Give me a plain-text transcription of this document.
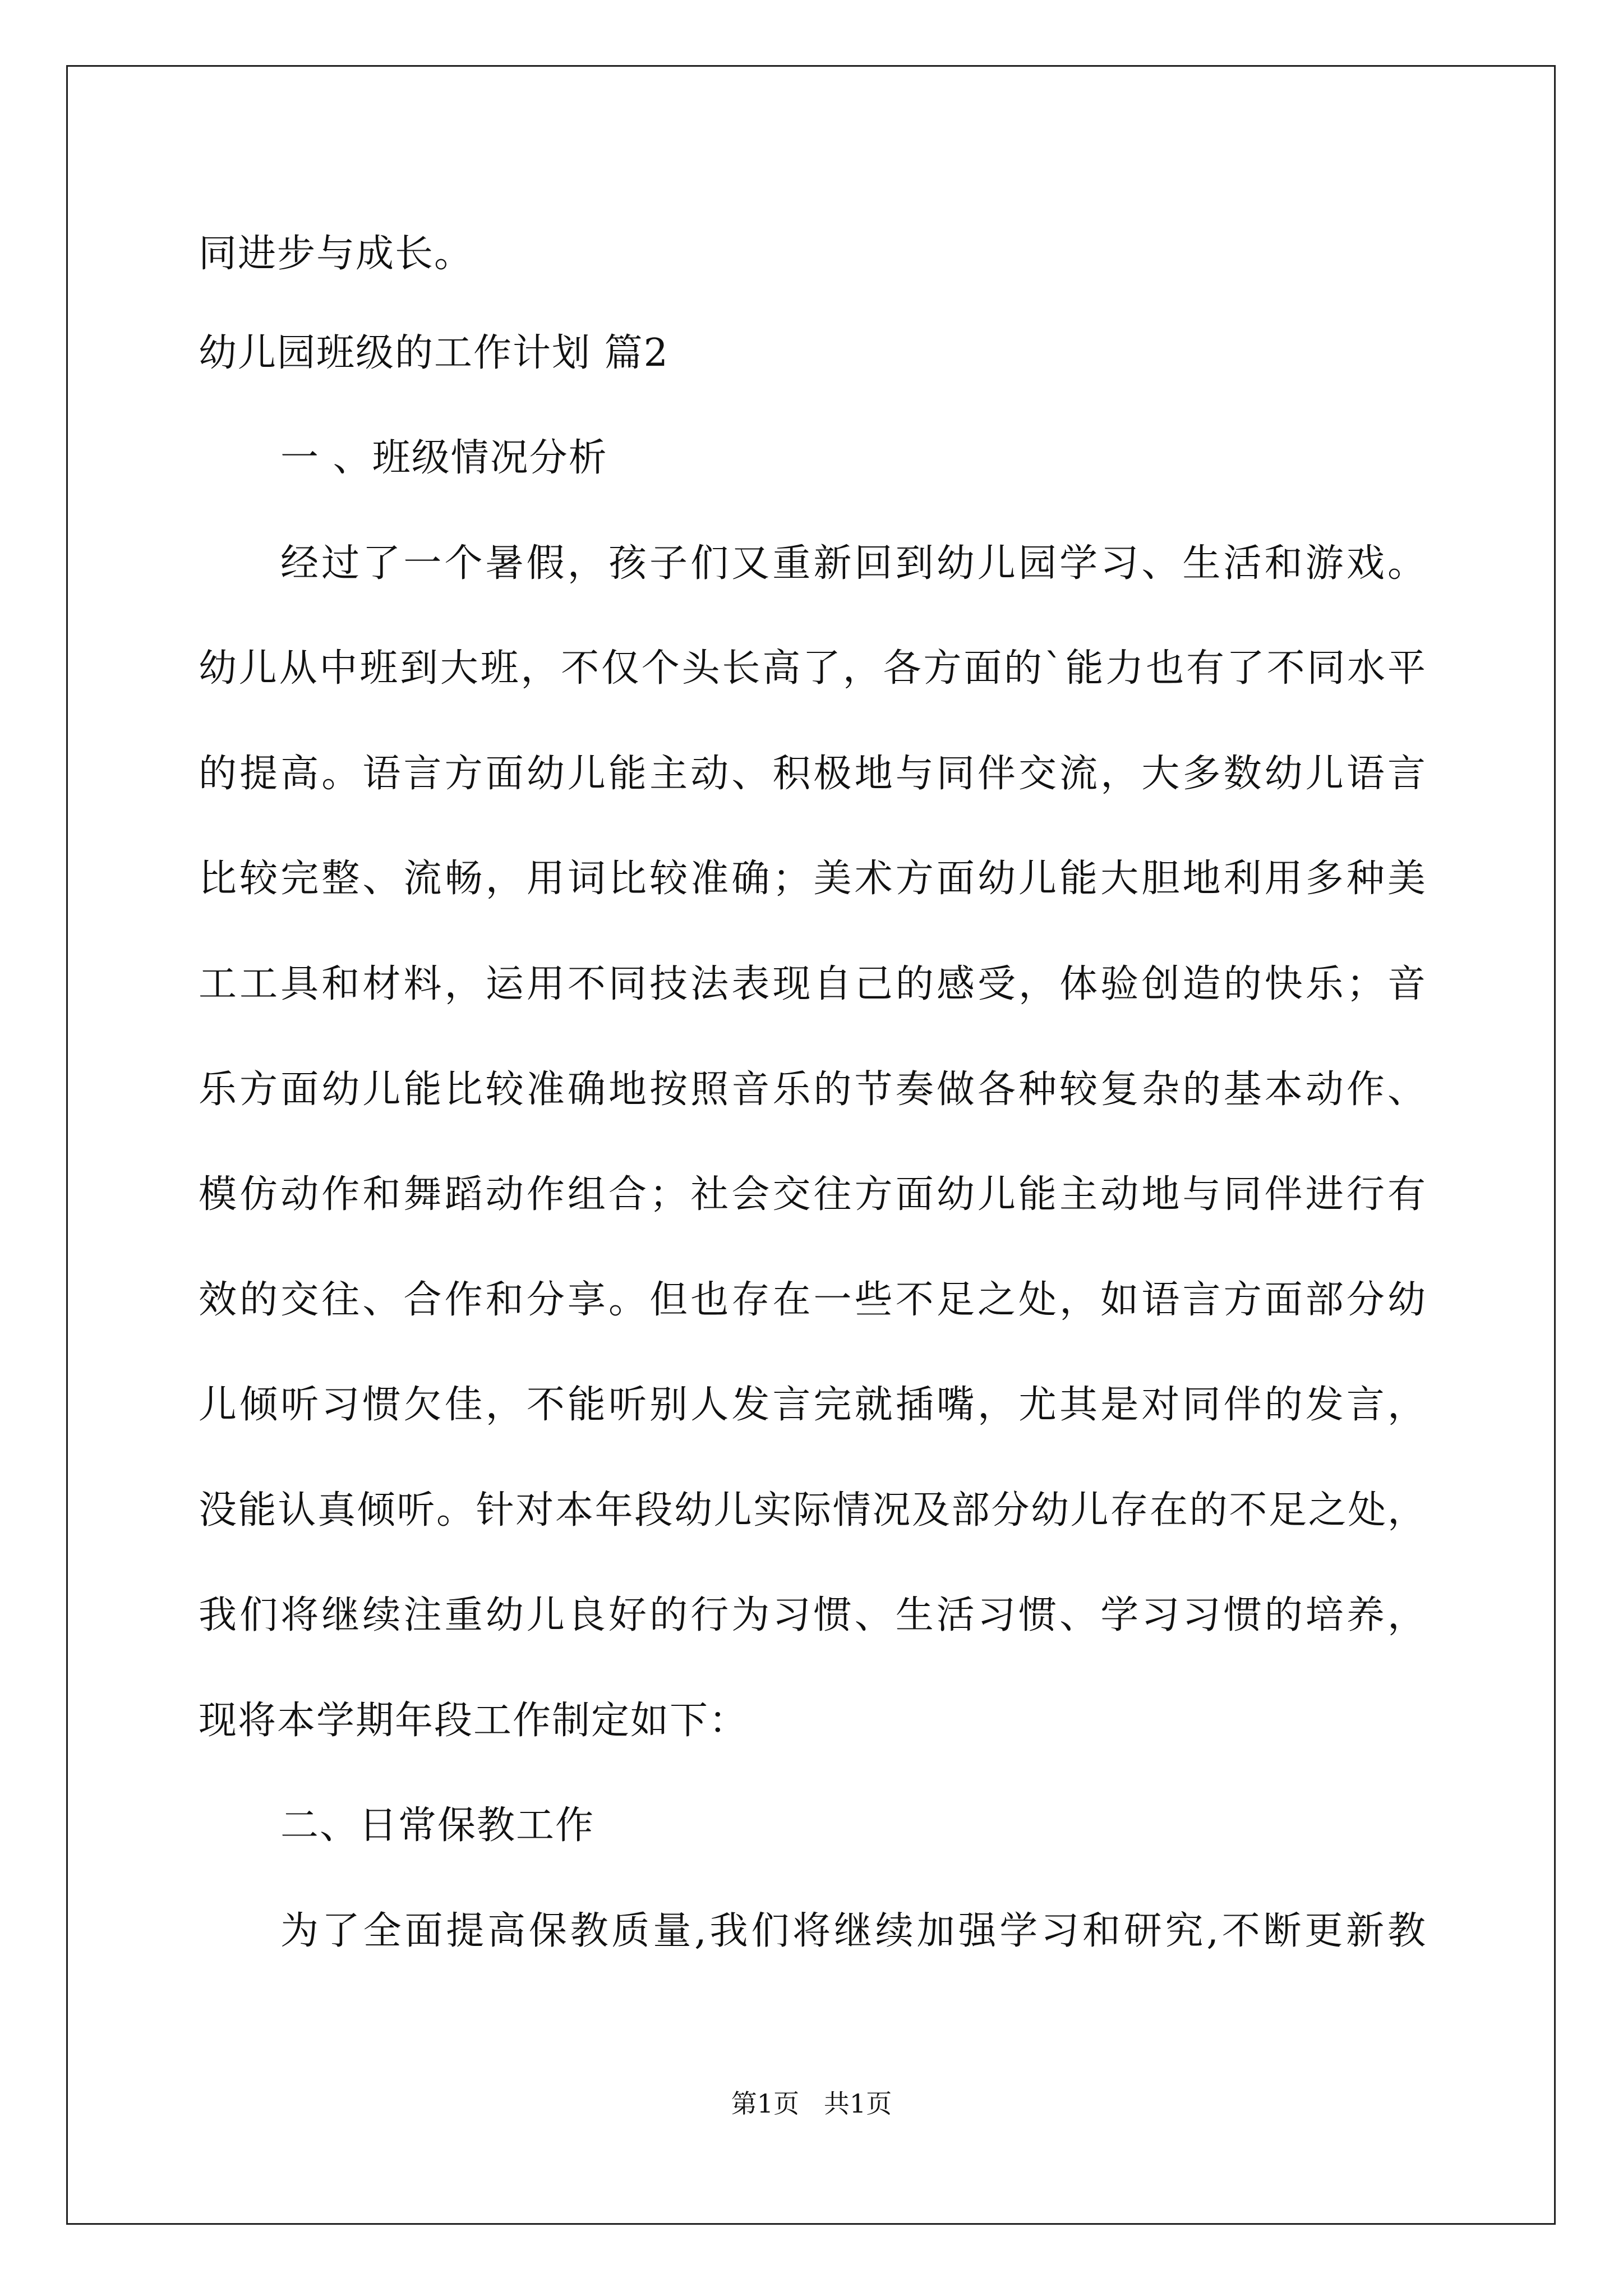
同进步与成长。
幼儿园班级的工作计划 篇2
一 、班级情况分析
经过了一个暑假，孩子们又重新回到幼儿园学习、生活和游戏。
幼儿从中班到大班，不仅个头长高了，各方面的`能力也有了不同水平
的提高。语言方面幼儿能主动、积极地与同伴交流，大多数幼儿语言
比较完整、流畅，用词比较准确；美术方面幼儿能大胆地利用多种美
工工具和材料，运用不同技法表现自己的感受，体验创造的快乐；音
乐方面幼儿能比较准确地按照音乐的节奏做各种较复杂的基本动作、
模仿动作和舞蹈动作组合；社会交往方面幼儿能主动地与同伴进行有
效的交往、合作和分享。但也存在一些不足之处，如语言方面部分幼
儿倾听习惯欠佳，不能听别人发言完就插嘴，尤其是对同伴的发言，
没能认真倾听。针对本年段幼儿实际情况及部分幼儿存在的不足之处，
我们将继续注重幼儿良好的行为习惯、生活习惯、学习习惯的培养，
现将本学期年段工作制定如下：
二、日常保教工作
为了全面提高保教质量,我们将继续加强学习和研究,不断更新教
第1页   共1页
